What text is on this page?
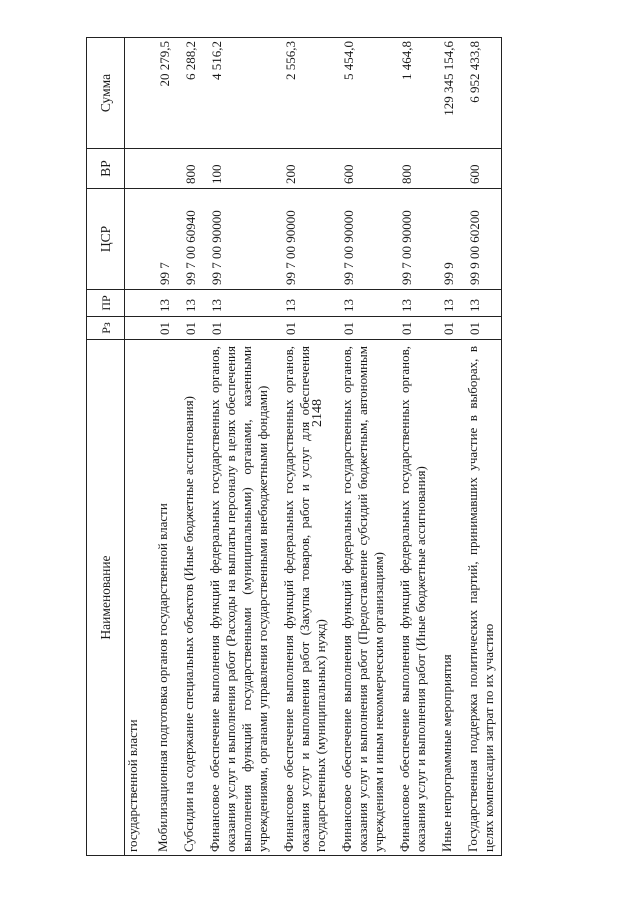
2148
Наименование	Рз	ПР	ЦСР	ВР	Сумма
государственной власти					
Мобилизационная подготовка органов государственной власти	01	13	99 7		20 279,5
Субсидии на содержание специальных объектов (Иные бюджетные ассигнования)	01	13	99 7 00 60940	800	6 288,2
Финансовое обеспечение выполнения функций федеральных государственных органов, оказания услуг и выполнения работ (Расходы на выплаты персоналу в целях обеспечения выполнения функций государственными (муниципальными) органами, казенными учреждениями, органами управления государственными внебюджетными фондами)	01	13	99 7 00 90000	100	4 516,2
Финансовое обеспечение выполнения функций федеральных государственных органов, оказания услуг и выполнения работ (Закупка товаров, работ и услуг для обеспечения государственных (муниципальных) нужд)	01	13	99 7 00 90000	200	2 556,3
Финансовое обеспечение выполнения функций федеральных государственных органов, оказания услуг и выполнения работ (Предоставление субсидий бюджетным, автономным учреждениям и иным некоммерческим организациям)	01	13	99 7 00 90000	600	5 454,0
Финансовое обеспечение выполнения функций федеральных государственных органов, оказания услуг и выполнения работ (Иные бюджетные ассигнования)	01	13	99 7 00 90000	800	1 464,8
Иные непрограммные мероприятия	01	13	99 9		129 345 154,6
Государственная поддержка политических партий, принимавших участие в выборах, в целях компенсации затрат по их участию	01	13	99 9 00 60200	600	6 952 433,8
